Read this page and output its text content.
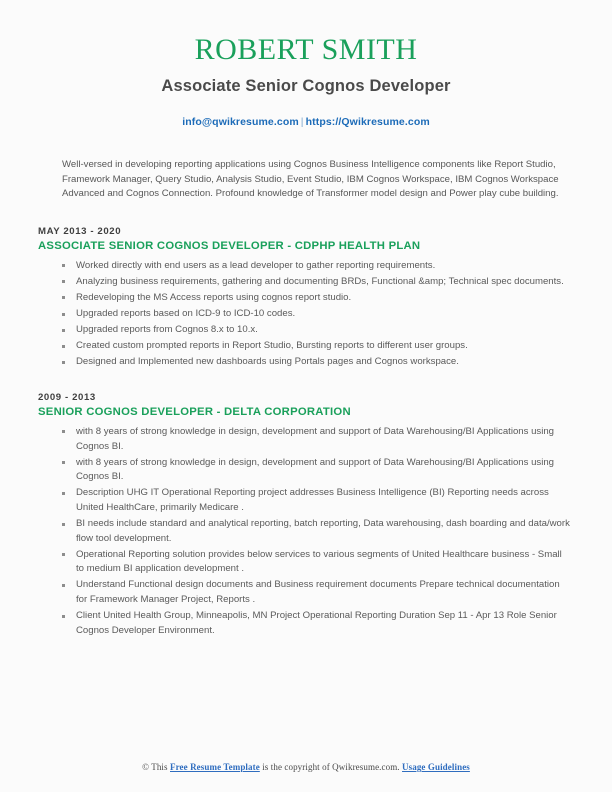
ROBERT SMITH
Associate Senior Cognos Developer
info@qwikresume.com | https://Qwikresume.com
Well-versed in developing reporting applications using Cognos Business Intelligence components like Report Studio, Framework Manager, Query Studio, Analysis Studio, Event Studio, IBM Cognos Workspace, IBM Cognos Workspace Advanced and Cognos Connection. Profound knowledge of Transformer model design and Power play cube building.
MAY 2013 - 2020
ASSOCIATE SENIOR COGNOS DEVELOPER - CDPHP HEALTH PLAN
Worked directly with end users as a lead developer to gather reporting requirements.
Analyzing business requirements, gathering and documenting BRDs, Functional &amp; Technical spec documents.
Redeveloping the MS Access reports using cognos report studio.
Upgraded reports based on ICD-9 to ICD-10 codes.
Upgraded reports from Cognos 8.x to 10.x.
Created custom prompted reports in Report Studio, Bursting reports to different user groups.
Designed and Implemented new dashboards using Portals pages and Cognos workspace.
2009 - 2013
SENIOR COGNOS DEVELOPER - DELTA CORPORATION
with 8 years of strong knowledge in design, development and support of Data Warehousing/BI Applications using Cognos BI.
with 8 years of strong knowledge in design, development and support of Data Warehousing/BI Applications using Cognos BI.
Description UHG IT Operational Reporting project addresses Business Intelligence (BI) Reporting needs across United HealthCare, primarily Medicare .
BI needs include standard and analytical reporting, batch reporting, Data warehousing, dash boarding and data/work flow tool development.
Operational Reporting solution provides below services to various segments of United Healthcare business - Small to medium BI application development .
Understand Functional design documents and Business requirement documents Prepare technical documentation for Framework Manager Project, Reports .
Client United Health Group, Minneapolis, MN Project Operational Reporting Duration Sep 11 - Apr 13 Role Senior Cognos Developer Environment.
© This Free Resume Template is the copyright of Qwikresume.com. Usage Guidelines
